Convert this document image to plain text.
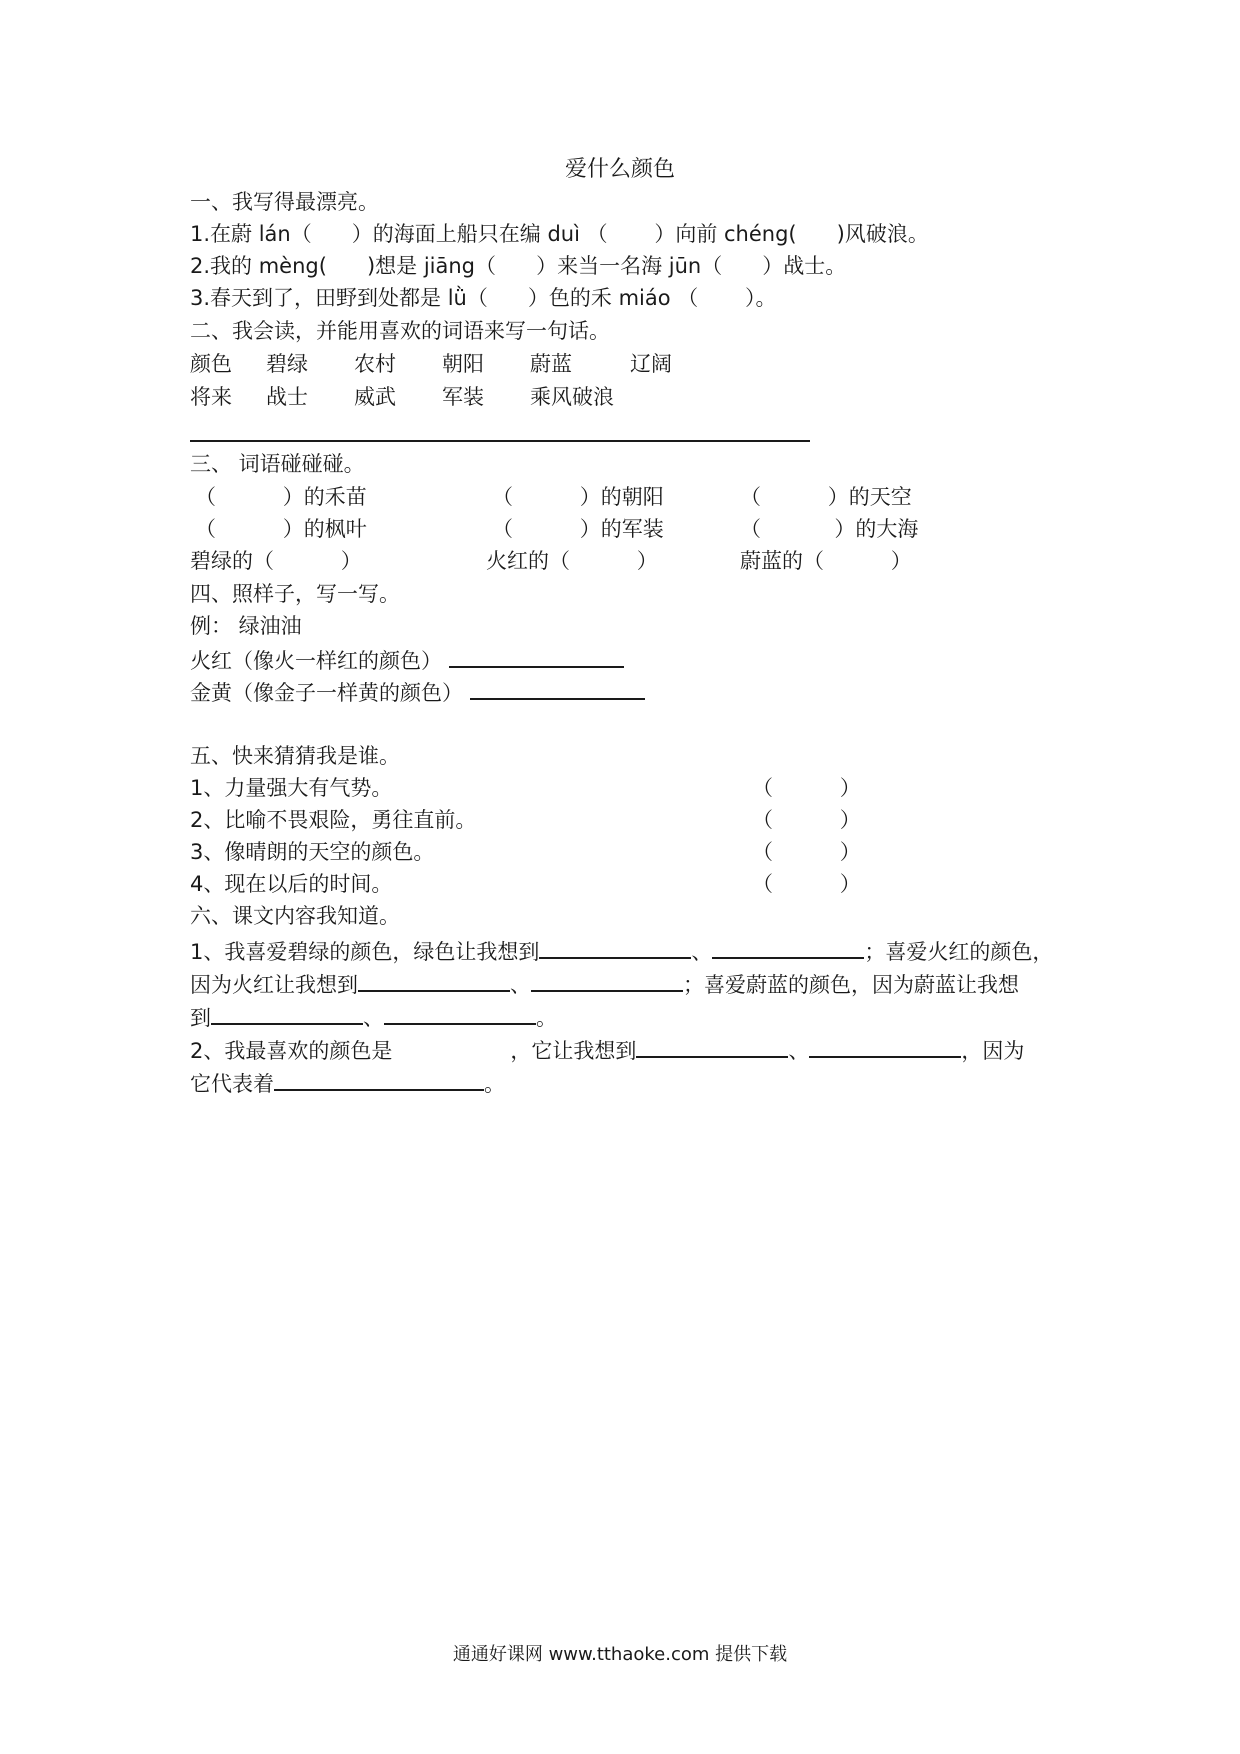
爱什么颜色
一、我写得最漂亮。
1.在蔚 lán（      ）的海面上船只在编 duì （       ）向前 chéng(      )风破浪。
2.我的 mèng(      )想是 jiāng（      ）来当一名海 jūn（      ）战士。
3.春天到了，田野到处都是 lǜ（      ）色的禾 miáo （       ）。
二、我会读，并能用喜欢的词语来写一句话。
颜色 碧绿 农村 朝阳 蔚蓝	辽阔
将来 战士 威武 军装 乘风破浪
三、 词语碰碰碰。
（          ）的禾苗	（          ）的朝阳	（          ）的天空
（          ）的枫叶	（          ）的军装	（           ）的大海
碧绿的（          ）	火红的（          ）	蔚蓝的（          ）
四、照样子，写一写。
例： 绿油油
火红（像火一样红的颜色）
金黄（像金子一样黄的颜色）
五、快来猜猜我是谁。
1、力量强大有气势。	（          ）
2、比喻不畏艰险，勇往直前。	（          ）
3、像晴朗的天空的颜色。	（          ）
4、现在以后的时间。	（          ）
六、课文内容我知道。
1、我喜爱碧绿的颜色，绿色让我想到	、	；喜爱火红的颜色，
因为火红让我想到	、	；喜爱蔚蓝的颜色，因为蔚蓝让我想
到	、	。
2、我最喜欢的颜色是	，它让我想到	、	，因为
它代表着	。
通通好课网 www.tthaoke.com 提供下载
